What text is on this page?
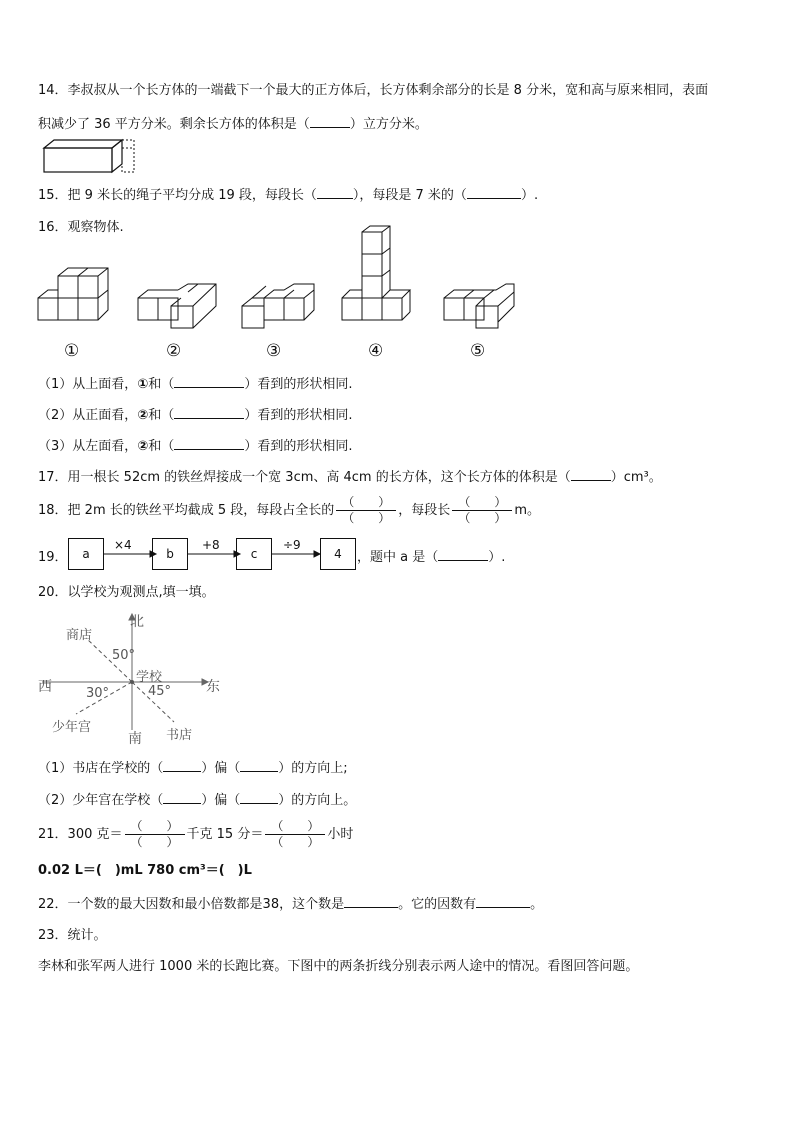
14．李叔叔从一个长方体的一端截下一个最大的正方体后，长方体剩余部分的长是 8 分米，宽和高与原来相同，表面
积减少了 36 平方分米。剩余长方体的体积是（	）立方分米。
15．把 9 米长的绳子平均分成 19 段，每段长（	），每段是 7 米的（	）.
16．观察物体.
①	②	③	④	⑤
（1）从上面看，①和（	）看到的形状相同.
（2）从正面看，②和（	）看到的形状相同.
（3）从左面看，②和（	）看到的形状相同.
17．用一根长 52cm 的铁丝焊接成一个宽 3cm、高 4cm 的长方体，这个长方体的体积是（	）cm³。
18．把 2m 长的铁丝平均截成 5 段，每段占全长的 $\frac{( )}{( )}$ ，每段长 $\frac{( )}{( )}$ m。
19．	a	b	c	4
×4	+8	÷9
，题中 a 是（	）.
20．以学校为观测点,填一填。
北
南
东
西
学校
商店
书店
少年宫
50°
30°	45°
（1）书店在学校的（	）偏（	）的方向上;
（2）少年宫在学校（	）偏（	）的方向上。
21．300 克＝ $\frac{( )}{( )}$ 千克 15 分＝ $\frac{( )}{( )}$ 小时
0.02 L＝(　)mL 780 cm³＝(　)L
22．一个数的最大因数和最小倍数都是38，这个数是	。它的因数有	。
23．统计。
李林和张军两人进行 1000 米的长跑比赛。下图中的两条折线分别表示两人途中的情况。看图回答问题。
